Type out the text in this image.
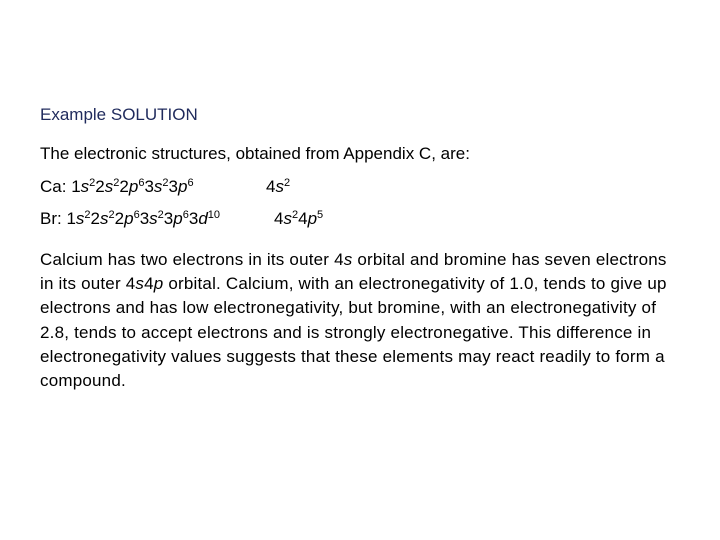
Example SOLUTION
The electronic structures, obtained from Appendix C, are:
Ca: $1s^22s^22p^63s^23p^6$	$4s^2$
Br: $1s^22s^22p^63s^23p^63d^{10}$	$4s^24p^5$
Calcium has two electrons in its outer 4s orbital and bromine has seven electrons in its outer 4s4p orbital. Calcium, with an electronegativity of 1.0, tends to give up electrons and has low electronegativity, but bromine, with an electronegativity of 2.8, tends to accept electrons and is strongly electronegative. This difference in electronegativity values suggests that these elements may react readily to form a compound.
